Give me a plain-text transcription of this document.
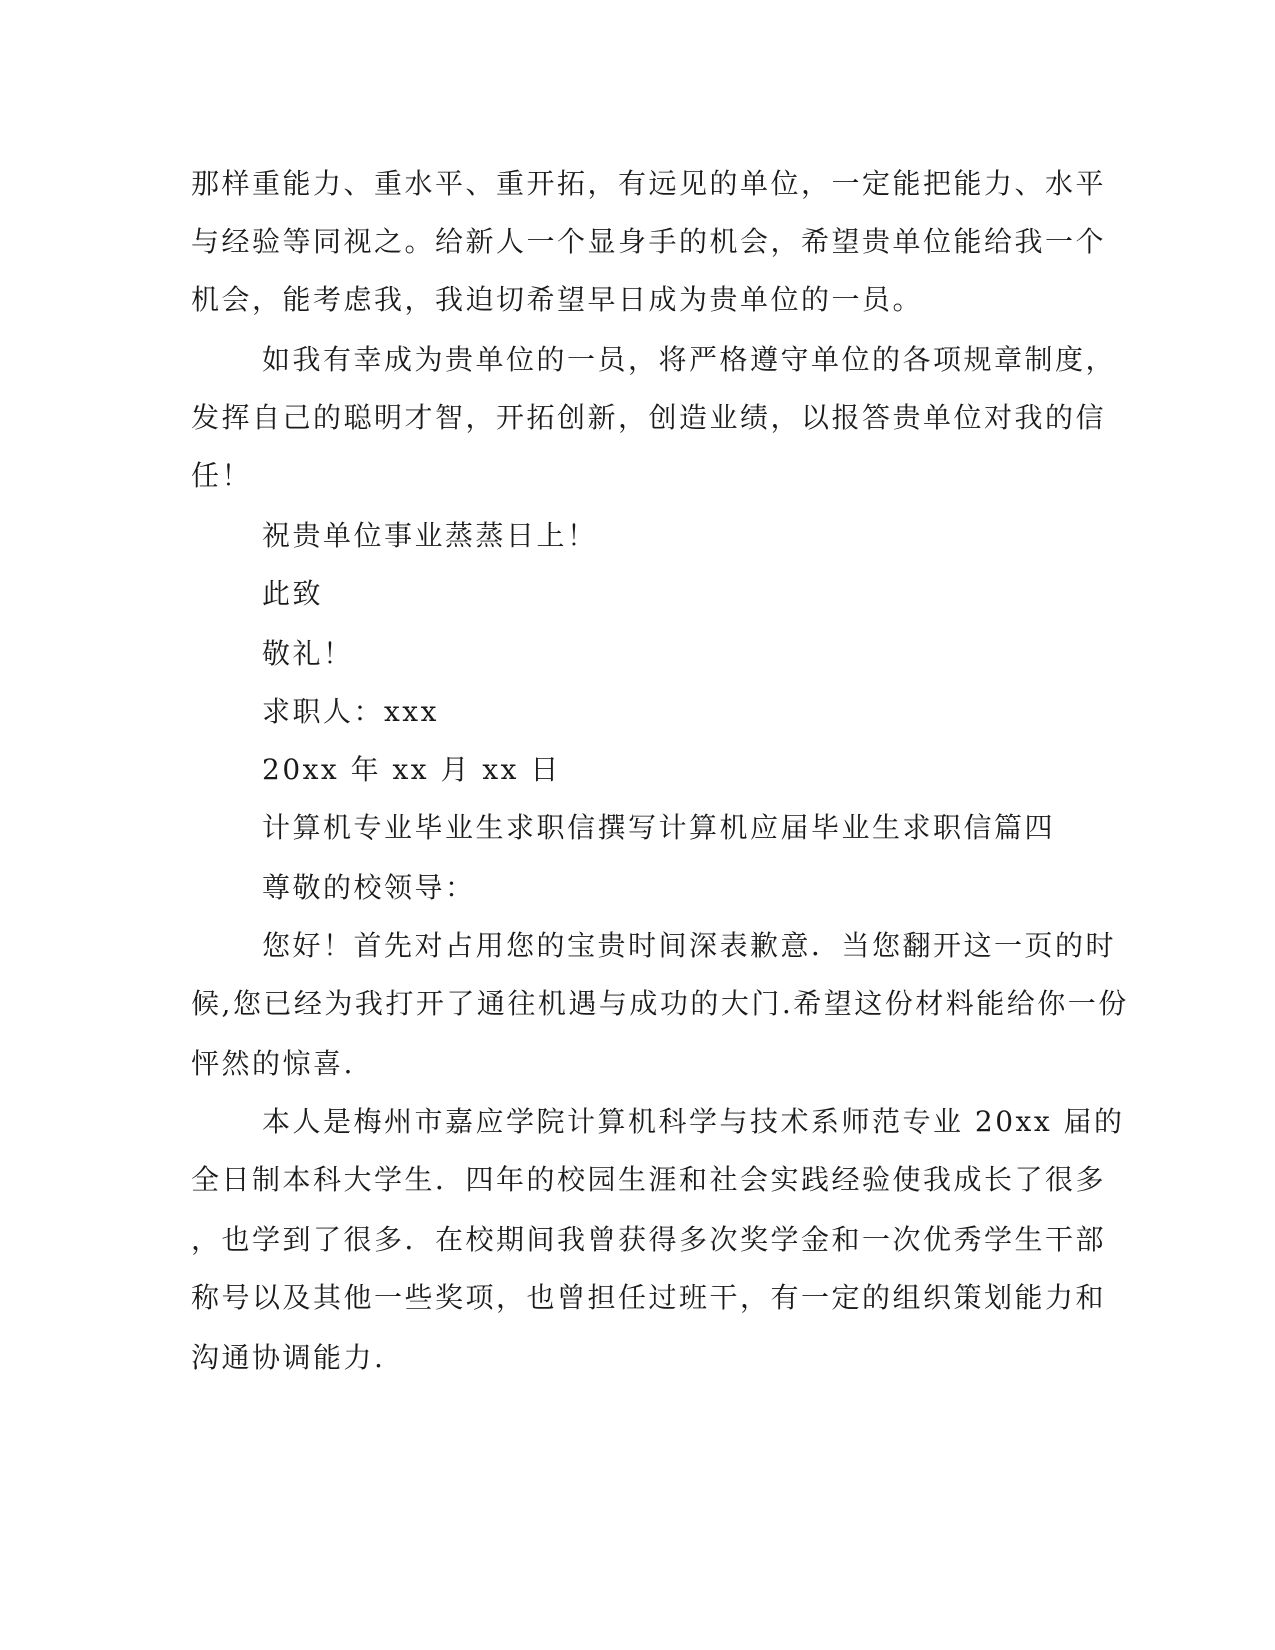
那样重能力、重水平、重开拓，有远见的单位，一定能把能力、水平
与经验等同视之。给新人一个显身手的机会，希望贵单位能给我一个
机会，能考虑我，我迫切希望早日成为贵单位的一员。
如我有幸成为贵单位的一员，将严格遵守单位的各项规章制度，
发挥自己的聪明才智，开拓创新，创造业绩，以报答贵单位对我的信
任！
祝贵单位事业蒸蒸日上！
此致
敬礼！
求职人：xxx
20xx 年 xx 月 xx 日
计算机专业毕业生求职信撰写计算机应届毕业生求职信篇四
尊敬的校领导：
您好！首先对占用您的宝贵时间深表歉意．当您翻开这一页的时
候,您已经为我打开了通往机遇与成功的大门.希望这份材料能给你一份
怦然的惊喜.
本人是梅州市嘉应学院计算机科学与技术系师范专业 20xx 届的
全日制本科大学生．四年的校园生涯和社会实践经验使我成长了很多
，也学到了很多．在校期间我曾获得多次奖学金和一次优秀学生干部
称号以及其他一些奖项，也曾担任过班干，有一定的组织策划能力和
沟通协调能力.
